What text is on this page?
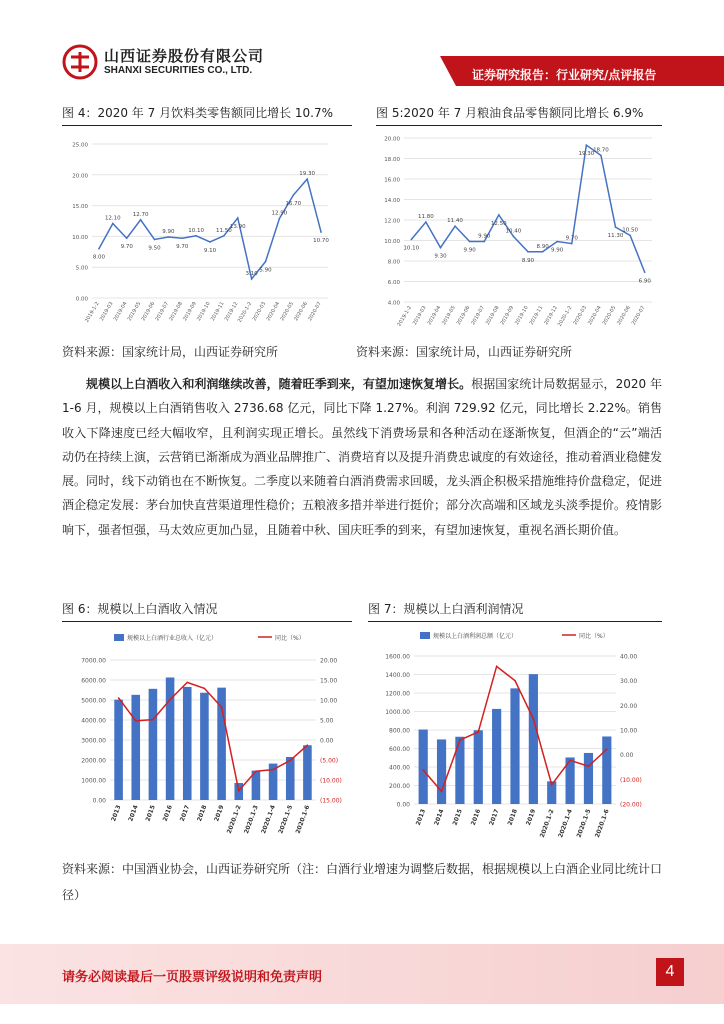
山西证券股份有限公司
SHANXI SECURITIES CO., LTD.	证券研究报告：行业研究/点评报告
图 4：2020 年 7 月饮料类零售额同比增长 10.7%	图 5:2020 年 7 月粮油食品零售额同比增长 6.9%
0.00
5.00
10.00
15.00
20.00
25.00
8.00
12.10
9.70
12.70
9.50
9.90
9.70
10.10
9.10
11.50
13.90
3.10
5.90
12.90
16.70
19.30
10.70
2019-1-2
2019-03
2019-04
2019-05
2019-06
2019-07
2019-08
2019-09
2019-10
2019-11
2019-12
2020-1-2
2020-03
2020-04
2020-05
2020-06
2020-07	4.00
6.00
8.00
10.00
12.00
14.00
16.00
18.00
20.00
10.10
11.80
9.30
11.40
9.90
9.90
12.50
10.40
8.90
8.90
9.90
9.70
19.30
18.70
11.30
10.50
6.90
2019-1-2
2019-03
2019-04
2019-05
2019-06
2019-07
2019-08
2019-09
2019-10
2019-11
2019-12
2020-1-2
2020-03
2020-04
2020-05
2020-06
2020-07
资料来源：国家统计局，山西证券研究所	资料来源：国家统计局，山西证券研究所
规模以上白酒收入和利润继续改善，随着旺季到来，有望加速恢复增长。根据国家统计局数据显示，2020 年 1-6 月，规模以上白酒销售收入 2736.68 亿元，同比下降 1.27%。利润 729.92 亿元，同比增长 2.22%。销售收入下降速度已经大幅收窄，且利润实现正增长。虽然线下消费场景和各种活动在逐渐恢复，但酒企的“云”端活动仍在持续上演，云营销已渐渐成为酒业品牌推广、消费培育以及提升消费忠诚度的有效途径，推动着酒业稳健发展。同时，线下动销也在不断恢复。二季度以来随着白酒消费需求回暖，龙头酒企积极采措施维持价盘稳定，促进酒企稳定发展：茅台加快直营渠道理性稳价；五粮液多措并举进行挺价；部分次高端和区域龙头淡季提价。疫情影响下，强者恒强，马太效应更加凸显，且随着中秋、国庆旺季的到来，有望加速恢复，重视名酒长期价值。
图 6：规模以上白酒收入情况	图 7：规模以上白酒利润情况
规模以上白酒行业总收入（亿元）	同比（%）
0.00
1000.00
2000.00
3000.00
4000.00
5000.00
6000.00
7000.00
(15.00)
(10.00)
(5.00)
0.00
5.00
10.00
15.00
20.00
2013 2014 2015 2016 2017 2018 2019 2020.1-2 2020.1-3 2020.1-4 2020.1-5 2020.1-6
规模以上白酒利润总额（亿元）	同比（%）
0.00
200.00
400.00
600.00
800.00
1000.00
1200.00
1400.00
1600.00
(20.00)
(10.00)
0.00
10.00
20.00
30.00
40.00
2013 2014 2015 2016 2017 2018 2019 2020.1-2 2020.1-4 2020.1-5 2020.1-6
资料来源：中国酒业协会，山西证券研究所（注：白酒行业增速为调整后数据，根据规模以上白酒企业同比统计口径）
请务必阅读最后一页股票评级说明和免责声明	4
